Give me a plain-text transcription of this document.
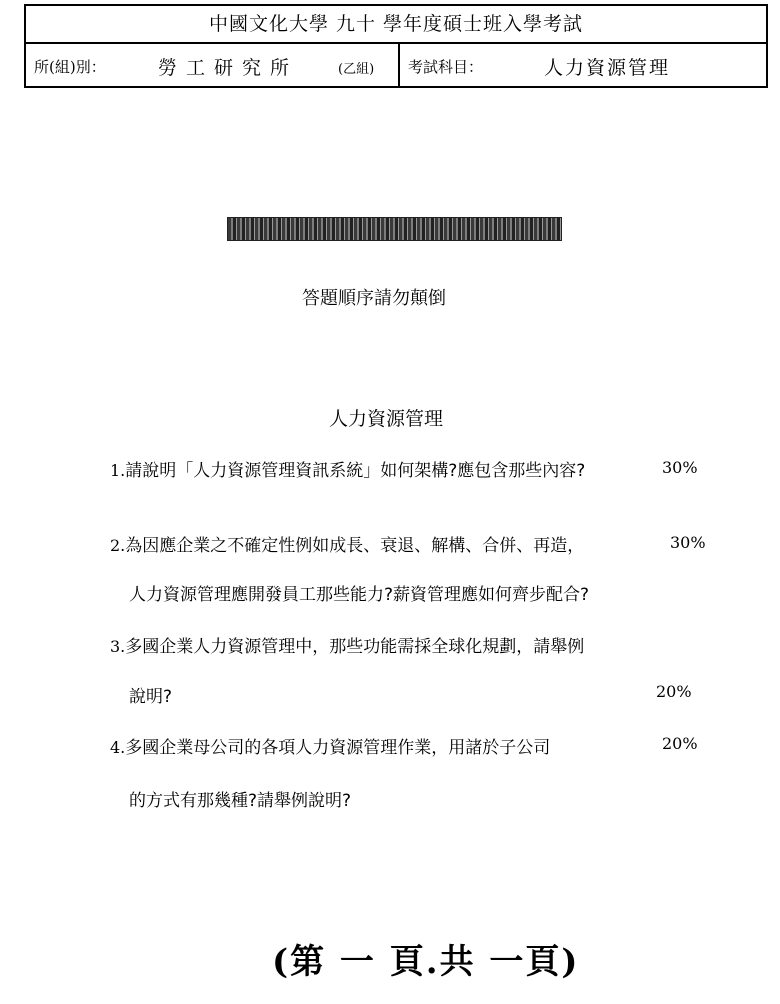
中國文化大學 九十 學年度碩士班入學考試
所(組)別：	勞工研究所	(乙組) 考試科目：	人力資源管理
答題順序請勿顛倒
人力資源管理
1.請說明「人力資源管理資訊系統」如何架構?應包含那些內容?	30%
2.為因應企業之不確定性例如成長、衰退、解構、合併、再造，	30%
人力資源管理應開發員工那些能力?薪資管理應如何齊步配合?
3.多國企業人力資源管理中，那些功能需採全球化規劃，請舉例
說明?	20%
4.多國企業母公司的各項人力資源管理作業，用諸於子公司	20%
的方式有那幾種?請舉例說明?
(第 一 頁.共 一頁)
